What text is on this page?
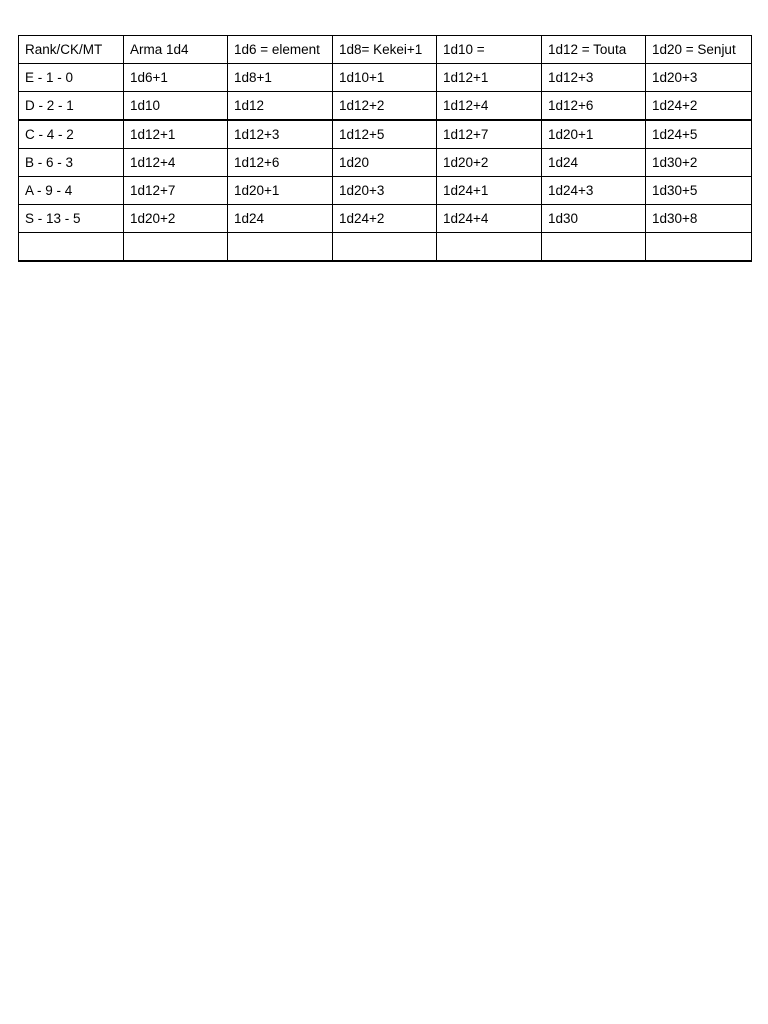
Rank/CK/MT	Arma 1d4	1d6 = element	1d8= Kekei+1	1d10 =	1d12 = Touta	1d20 = Senjut
E - 1 - 0	1d6+1	1d8+1	1d10+1	1d12+1	1d12+3	1d20+3
D - 2 - 1	1d10	1d12	1d12+2	1d12+4	1d12+6	1d24+2
C - 4 - 2	1d12+1	1d12+3	1d12+5	1d12+7	1d20+1	1d24+5
B - 6 - 3	1d12+4	1d12+6	1d20	1d20+2	1d24	1d30+2
A - 9 - 4	1d12+7	1d20+1	1d20+3	1d24+1	1d24+3	1d30+5
S - 13 - 5	1d20+2	1d24	1d24+2	1d24+4	1d30	1d30+8
